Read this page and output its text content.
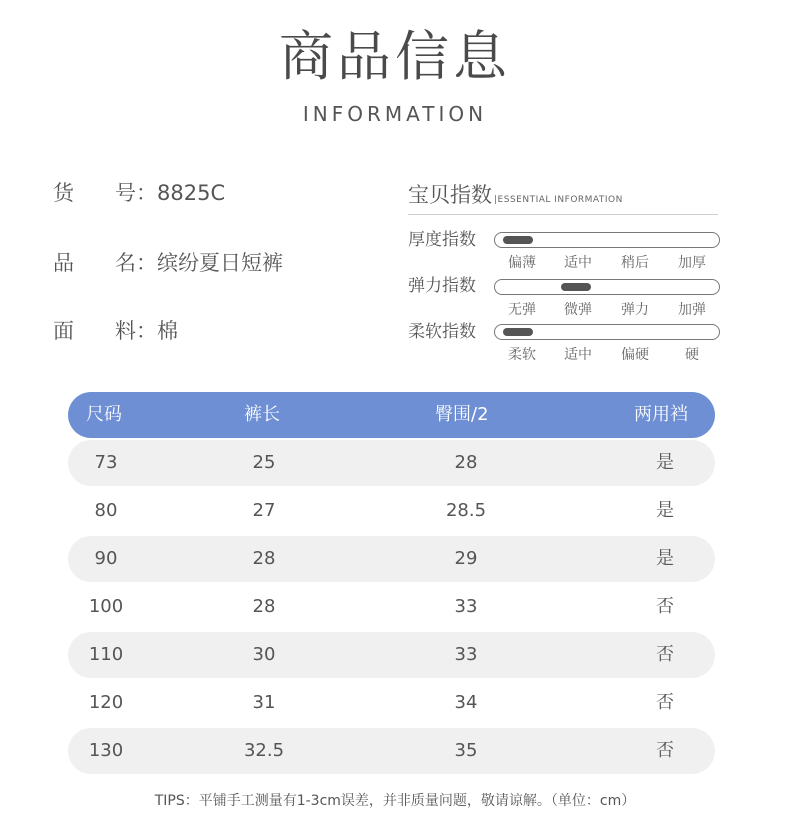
商品信息
INFORMATION
货 号：8825C
品 名：缤纷夏日短裤
面 料：棉
宝贝指数 |ESSENTIAL INFORMATION
厚度指数
偏薄	适中	稍后	加厚
弹力指数
无弹	微弹	弹力	加弹
柔软指数
柔软	适中	偏硬	硬
尺码	裤长	臀围/2	两用裆
73	25	28	是
80	27	28.5	是
90	28	29	是
100	28	33	否
110	30	33	否
120	31	34	否
130	32.5	35	否
TIPS：平铺手工测量有1-3cm误差，并非质量问题，敬请谅解。（单位：cm）
